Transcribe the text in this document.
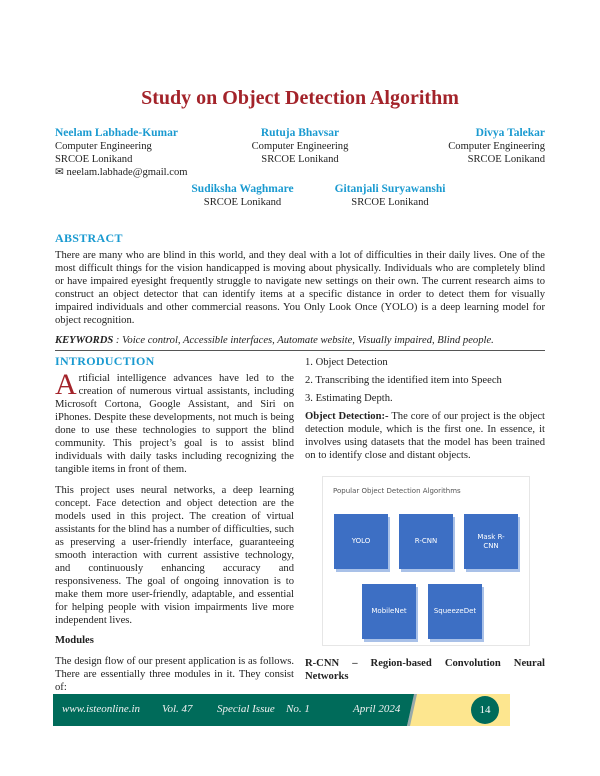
Study on Object Detection Algorithm
Neelam Labhade-Kumar
Computer Engineering
SRCOE Lonikand
✉ neelam.labhade@gmail.com
Rutuja Bhavsar
Computer Engineering
SRCOE Lonikand
Divya Talekar
Computer Engineering
SRCOE Lonikand
Sudiksha Waghmare
SRCOE Lonikand
Gitanjali Suryawanshi
SRCOE Lonikand
ABSTRACT
There are many who are blind in this world, and they deal with a lot of difficulties in their daily lives. One of the most difficult things for the vision handicapped is moving about physically. Individuals who are completely blind or have impaired eyesight frequently struggle to navigate new settings on their own. The current research aims to construct an object detector that can identify items at a specific distance in order to detect them for visually impaired individuals and other commercial reasons. You Only Look Once (YOLO) is a deep learning model for object recognition.
KEYWORDS : Voice control, Accessible interfaces, Automate website, Visually impaired, Blind people.
INTRODUCTION

Artificial intelligence advances have led to the creation of numerous virtual assistants, including Microsoft Cortona, Google Assistant, and Siri on iPhones. Despite these developments, not much is being done to use these technologies to support the blind community. This project’s goal is to assist blind individuals with daily tasks including recognizing the tangible items in front of them.

This project uses neural networks, a deep learning concept. Face detection and object detection are the models used in this project. The creation of virtual assistants for the blind has a number of difficulties, such as preserving a user-friendly interface, guaranteeing smooth interaction with current assistive technology, and continuously enhancing accuracy and responsiveness. The goal of ongoing innovation is to make them more user-friendly, adaptable, and essential for helping people with vision impairments live more independent lives.

Modules

The design flow of our present application is as follows. There are essentially three modules in it. They consist of:

1. Object Detection
2. Transcribing the identified item into Speech
3. Estimating Depth.

Object Detection:- The core of our project is the object detection module, which is the first one. In essence, it involves using datasets that the model has been trained on to identify close and distant objects.

Popular Object Detection Algorithms
YOLO	R-CNN
Mask R-CNN
MobileNet	SqueezeDet
R-CNN – Region-based Convolution Neural Networks
www.isteonline.in Vol. 47 Special Issue No. 1	April 2024	14
